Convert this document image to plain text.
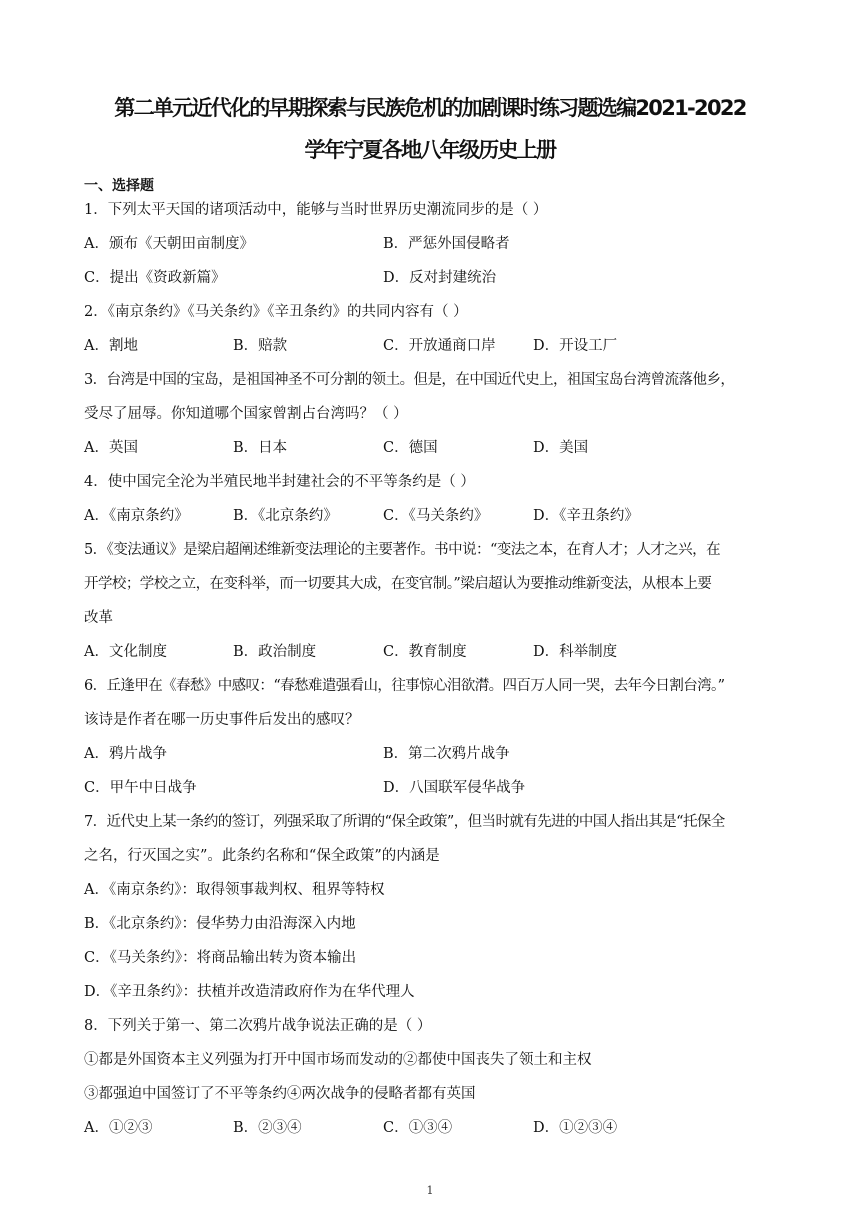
第二单元近代化的早期探索与民族危机的加剧课时练习题选编2021-2022
学年宁夏各地八年级历史上册
一、选择题
1．下列太平天国的诸项活动中，能够与当时世界历史潮流同步的是（ ）
A．颁布《天朝田亩制度》	B．严惩外国侵略者
C．提出《资政新篇》	D．反对封建统治
2．《南京条约》《马关条约》《辛丑条约》的共同内容有（ ）
A．割地	B．赔款	C．开放通商口岸	D．开设工厂
3．台湾是中国的宝岛，是祖国神圣不可分割的领土。但是，在中国近代史上，祖国宝岛台湾曾流落他乡，
受尽了屈辱。你知道哪个国家曾割占台湾吗？（ ）
A．英国	B．日本	C．德国	D．美国
4．使中国完全沦为半殖民地半封建社会的不平等条约是（ ）
A．《南京条约》	B．《北京条约》	C．《马关条约》	D．《辛丑条约》
5．《变法通议》是梁启超阐述维新变法理论的主要著作。书中说：“变法之本，在育人才；人才之兴，在
开学校；学校之立，在变科举，而一切要其大成，在变官制。”梁启超认为要推动维新变法，从根本上要
改革
A．文化制度	B．政治制度	C．教育制度	D．科举制度
6．丘逢甲在《春愁》中感叹：“春愁难遣强看山，往事惊心泪欲潸。四百万人同一哭，去年今日割台湾。”
该诗是作者在哪一历史事件后发出的感叹？
A．鸦片战争	B．第二次鸦片战争
C．甲午中日战争	D．八国联军侵华战争
7．近代史上某一条约的签订，列强采取了所谓的“保全政策”，但当时就有先进的中国人指出其是“托保全
之名，行灭国之实”。此条约名称和“保全政策”的内涵是
A．《南京条约》：取得领事裁判权、租界等特权
B．《北京条约》：侵华势力由沿海深入内地
C．《马关条约》：将商品输出转为资本输出
D．《辛丑条约》：扶植并改造清政府作为在华代理人
8．下列关于第一、第二次鸦片战争说法正确的是（ ）
①都是外国资本主义列强为打开中国市场而发动的②都使中国丧失了领土和主权
③都强迫中国签订了不平等条约④两次战争的侵略者都有英国
A．①②③	B．②③④	C．①③④	D．①②③④
1
